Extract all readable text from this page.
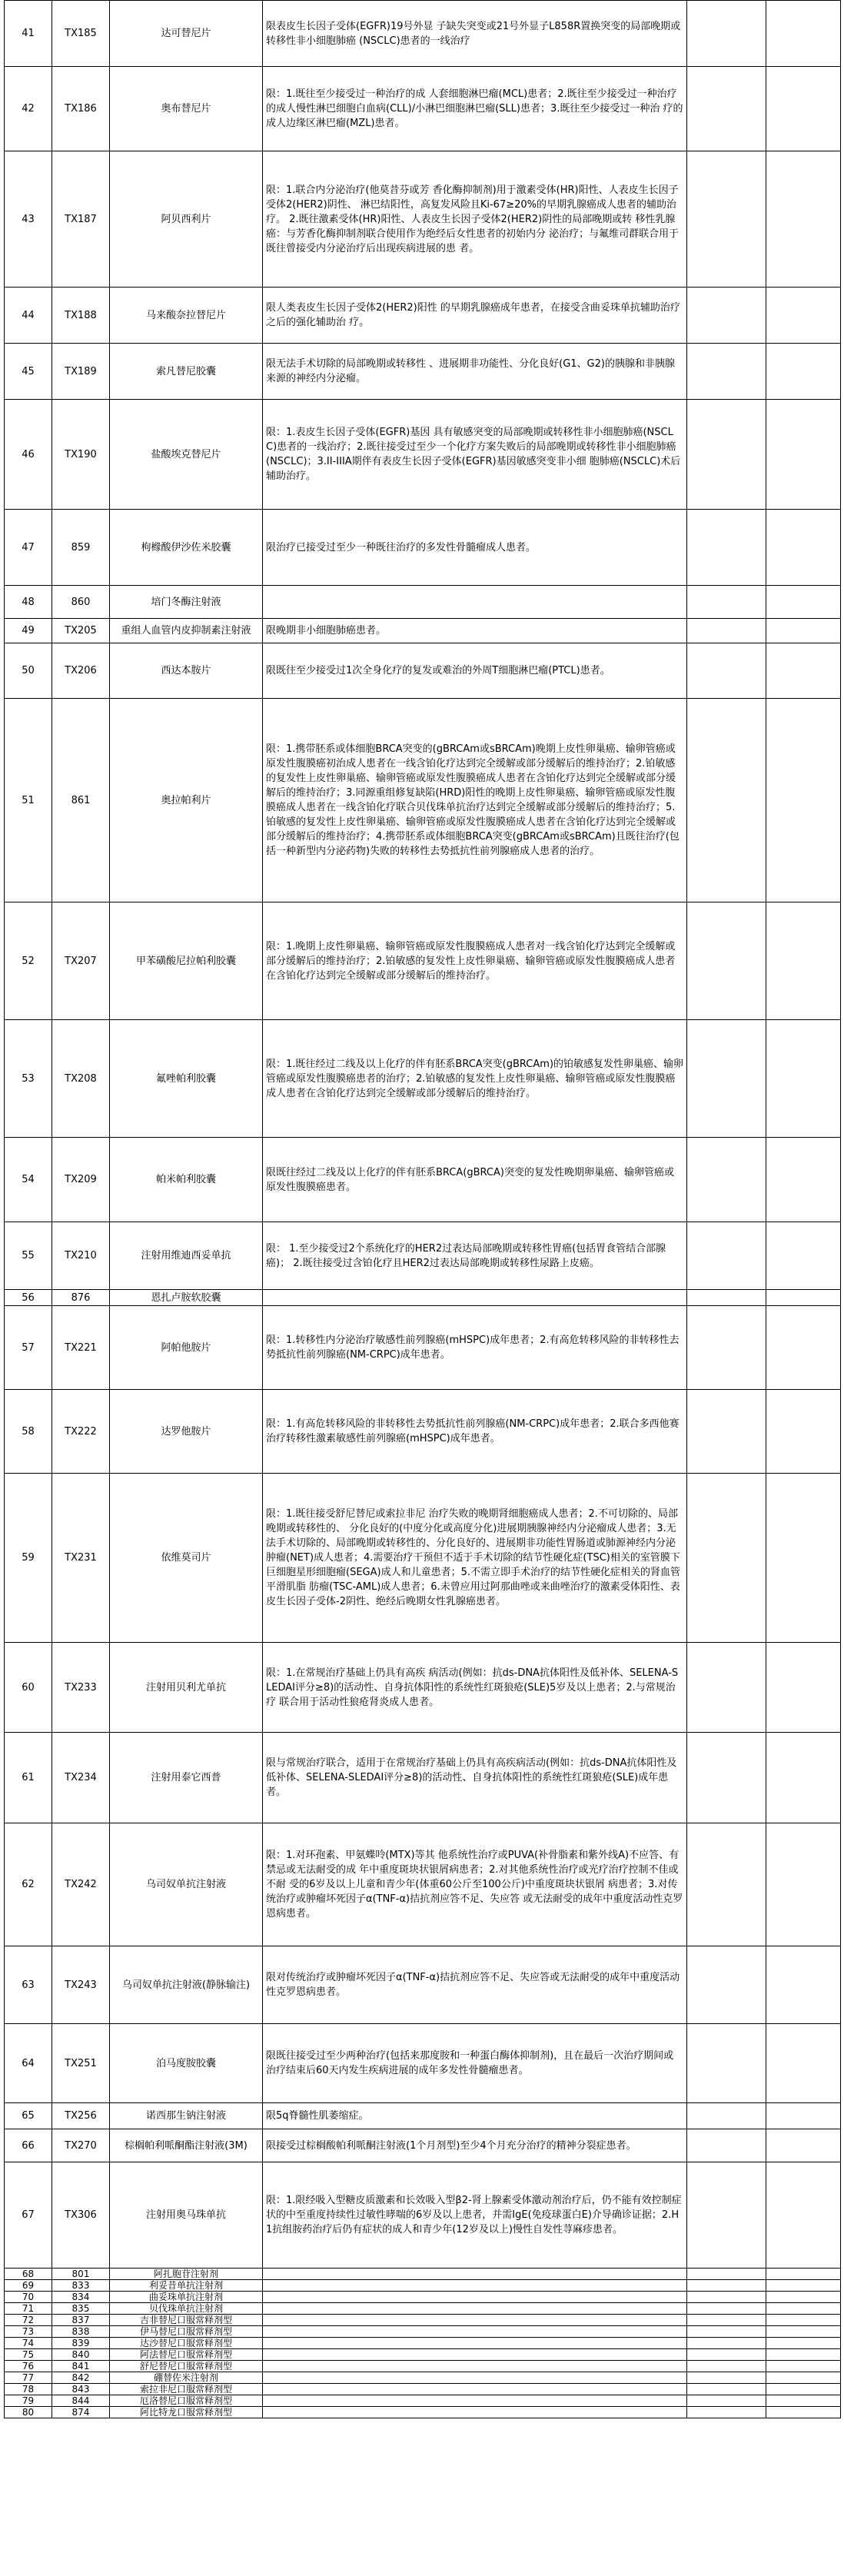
41	TX185	达可替尼片	限表皮生长因子受体(EGFR)19号外显 子缺失突变或21号外显子L858R置换突变的局部晚期或转移性非小细胞肺癌 (NSCLC)患者的一线治疗		
42	TX186	奥布替尼片	限：1.既往至少接受过一种治疗的成 人套细胞淋巴瘤(MCL)患者；2.既往至少接受过一种治疗的成人慢性淋巴细胞白血病(CLL)/小淋巴细胞淋巴瘤(SLL)患者；3.既往至少接受过一种治 疗的成人边缘区淋巴瘤(MZL)患者。		
43	TX187	阿贝西利片	限：1.联合内分泌治疗(他莫昔芬或芳 香化酶抑制剂)用于激素受体(HR)阳性、人表皮生长因子受体2(HER2)阴性、 淋巴结阳性，高复发风险且Ki-67≥20%的早期乳腺癌成人患者的辅助治疗。 2.既往激素受体(HR)阳性、人表皮生长因子受体2(HER2)阴性的局部晚期或转 移性乳腺癌：与芳香化酶抑制剂联合使用作为绝经后女性患者的初始内分 泌治疗；与氟维司群联合用于既往曾接受内分泌治疗后出现疾病进展的患 者。		
44	TX188	马来酸奈拉替尼片	限人类表皮生长因子受体2(HER2)阳性 的早期乳腺癌成年患者，在接受含曲妥珠单抗辅助治疗之后的强化辅助治 疗。		
45	TX189	索凡替尼胶囊	限无法手术切除的局部晚期或转移性 、进展期非功能性、分化良好(G1、G2)的胰腺和非胰腺来源的神经内分泌瘤。		
46	TX190	盐酸埃克替尼片	限：1.表皮生长因子受体(EGFR)基因 具有敏感突变的局部晚期或转移性非小细胞肺癌(NSCLC)患者的一线治疗；2.既往接受过至少一个化疗方案失败后的局部晚期或转移性非小细胞肺癌 (NSCLC)；3.II-IIIA期伴有表皮生长因子受体(EGFR)基因敏感突变非小细 胞肺癌(NSCLC)术后辅助治疗。		
47	859	枸橼酸伊沙佐米胶囊	限治疗已接受过至少一种既往治疗的多发性骨髓瘤成人患者。		
48	860	培门冬酶注射液			
49	TX205	重组人血管内皮抑制素注射液	限晚期非小细胞肺癌患者。		
50	TX206	西达本胺片	限既往至少接受过1次全身化疗的复发或难治的外周T细胞淋巴瘤(PTCL)患者。		
51	861	奥拉帕利片	限：1.携带胚系或体细胞BRCA突变的(gBRCAm或sBRCAm)晚期上皮性卵巢癌、输卵管癌或原发性腹膜癌初治成人患者在一线含铂化疗达到完全缓解或部分缓解后的维持治疗；2.铂敏感的复发性上皮性卵巢癌、输卵管癌或原发性腹膜癌成人患者在含铂化疗达到完全缓解或部分缓解后的维持治疗；3.同源重组修复缺陷(HRD)阳性的晚期上皮性卵巢癌、输卵管癌或原发性腹膜癌成人患者在一线含铂化疗联合贝伐珠单抗治疗达到完全缓解或部分缓解后的维持治疗；5.铂敏感的复发性上皮性卵巢癌、输卵管癌或原发性腹膜癌成人患者在含铂化疗达到完全缓解或部分缓解后的维持治疗；4.携带胚系或体细胞BRCA突变(gBRCAm或sBRCAm)且既往治疗(包括一种新型内分泌药物)失败的转移性去势抵抗性前列腺癌成人患者的治疗。		
52	TX207	甲苯磺酸尼拉帕利胶囊	限：1.晚期上皮性卵巢癌、输卵管癌或原发性腹膜癌成人患者对一线含铂化疗达到完全缓解或部分缓解后的维持治疗；2.铂敏感的复发性上皮性卵巢癌、输卵管癌或原发性腹膜癌成人患者在含铂化疗达到完全缓解或部分缓解后的维持治疗。		
53	TX208	氟唑帕利胶囊	限：1.既往经过二线及以上化疗的伴有胚系BRCA突变(gBRCAm)的铂敏感复发性卵巢癌、输卵管癌或原发性腹膜癌患者的治疗；2.铂敏感的复发性上皮性卵巢癌、输卵管癌或原发性腹膜癌成人患者在含铂化疗达到完全缓解或部分缓解后的维持治疗。		
54	TX209	帕米帕利胶囊	限既往经过二线及以上化疗的伴有胚系BRCA(gBRCA)突变的复发性晚期卵巢癌、输卵管癌或原发性腹膜癌患者。		
55	TX210	注射用维迪西妥单抗	限： 1.至少接受过2个系统化疗的HER2过表达局部晚期或转移性胃癌(包括胃食管结合部腺癌)； 2.既往接受过含铂化疗且HER2过表达局部晚期或转移性尿路上皮癌。		
56	876	恩扎卢胺软胶囊			
57	TX221	阿帕他胺片	限：1.转移性内分泌治疗敏感性前列腺癌(mHSPC)成年患者；2.有高危转移风险的非转移性去势抵抗性前列腺癌(NM-CRPC)成年患者。		
58	TX222	达罗他胺片	限：1.有高危转移风险的非转移性去势抵抗性前列腺癌(NM-CRPC)成年患者；2.联合多西他赛治疗转移性激素敏感性前列腺癌(mHSPC)成年患者。		
59	TX231	依维莫司片	限：1.既往接受舒尼替尼或索拉非尼 治疗失败的晚期肾细胞癌成人患者；2.不可切除的、局部晚期或转移性的、 分化良好的(中度分化或高度分化)进展期胰腺神经内分泌瘤成人患者；3.无法手术切除的、局部晚期或转移性的、分化良好的、进展期非功能性胃肠道或肺源神经内分泌肿瘤(NET)成人患者；4.需要治疗干预但不适于手术切除的结节性硬化症(TSC)相关的室管膜下巨细胞星形细胞瘤(SEGA)成人和儿童患者；5.不需立即手术治疗的结节性硬化症相关的肾血管平滑肌脂 肪瘤(TSC-AML)成人患者；6.未曾应用过阿那曲唑或来曲唑治疗的激素受体阳性、表皮生长因子受体-2阴性、绝经后晚期女性乳腺癌患者。		
60	TX233	注射用贝利尤单抗	限：1.在常规治疗基础上仍具有高疾 病活动(例如：抗ds-DNA抗体阳性及低补体、SELENA-SLEDAI评分≥8)的活动性、自身抗体阳性的系统性红斑狼疮(SLE)5岁及以上患者；2.与常规治疗 联合用于活动性狼疮肾炎成人患者。		
61	TX234	注射用泰它西普	限与常规治疗联合，适用于在常规治疗基础上仍具有高疾病活动(例如：抗ds-DNA抗体阳性及低补体、SELENA-SLEDAI评分≥8)的活动性、自身抗体阳性的系统性红斑狼疮(SLE)成年患者。		
62	TX242	乌司奴单抗注射液	限：1.对环孢素、甲氨蝶呤(MTX)等其 他系统性治疗或PUVA(补骨脂素和紫外线A)不应答、有禁忌或无法耐受的成 年中重度斑块状银屑病患者；2.对其他系统性治疗或光疗治疗控制不佳或不耐 受的6岁及以上儿童和青少年(体重60公斤至100公斤)中重度斑块状银屑 病患者；3.对传统治疗或肿瘤坏死因子α(TNF-α)拮抗剂应答不足、失应答 或无法耐受的成年中重度活动性克罗恩病患者。		
63	TX243	乌司奴单抗注射液(静脉输注)	限对传统治疗或肿瘤坏死因子α(TNF-α)拮抗剂应答不足、失应答或无法耐受的成年中重度活动性克罗恩病患者。		
64	TX251	泊马度胺胶囊	限既往接受过至少两种治疗(包括来那度胺和一种蛋白酶体抑制剂)，且在最后一次治疗期间或治疗结束后60天内发生疾病进展的成年多发性骨髓瘤患者。		
65	TX256	诺西那生钠注射液	限5q脊髓性肌萎缩症。		
66	TX270	棕榈帕利哌酮酯注射液(3M)	限接受过棕榈酸帕利哌酮注射液(1个月剂型)至少4个月充分治疗的精神分裂症患者。		
67	TX306	注射用奥马珠单抗	限：1.限经吸入型糖皮质激素和长效吸入型β2-肾上腺素受体激动剂治疗后，仍不能有效控制症状的中至重度持续性过敏性哮喘的6岁及以上患者，并需IgE(免疫球蛋白E)介导确诊证据；2.H1抗组胺药治疗后仍有症状的成人和青少年(12岁及以上)慢性自发性荨麻疹患者。		
68	801	阿扎胞苷注射剂			
69	833	利妥昔单抗注射剂			
70	834	曲妥珠单抗注射剂			
71	835	贝伐珠单抗注射剂			
72	837	吉非替尼口服常释剂型			
73	838	伊马替尼口服常释剂型			
74	839	达沙替尼口服常释剂型			
75	840	阿法替尼口服常释剂型			
76	841	舒尼替尼口服常释剂型			
77	842	硼替佐米注射剂			
78	843	索拉非尼口服常释剂型			
79	844	厄洛替尼口服常释剂型			
80	874	阿比特龙口服常释剂型			
